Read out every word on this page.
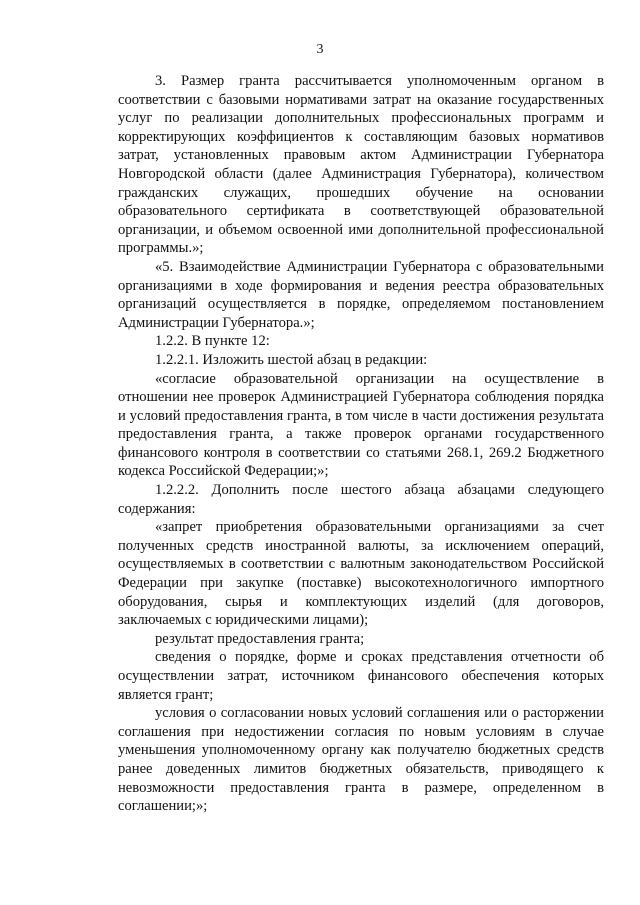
3

3. Размер гранта рассчитывается уполномоченным органом в соответствии с базовыми нормативами затрат на оказание государственных услуг по реализации дополнительных профессиональных программ и корректирующих коэффициентов к составляющим базовых нормативов затрат, установленных правовым актом Администрации Губернатора Новгородской области (далее Администрация Губернатора), количеством гражданских служащих, прошедших обучение на основании образовательного сертификата в соответствующей образовательной организации, и объемом освоенной ими дополнительной профессиональной программы.»;

«5. Взаимодействие Администрации Губернатора с образовательными организациями в ходе формирования и ведения реестра образовательных организаций осуществляется в порядке, определяемом постановлением Администрации Губернатора.»;

1.2.2. В пункте 12:

1.2.2.1. Изложить шестой абзац в редакции:

«согласие образовательной организации на осуществление в отношении нее проверок Администрацией Губернатора соблюдения порядка и условий предоставления гранта, в том числе в части достижения результата предоставления гранта, а также проверок органами государственного финансового контроля в соответствии со статьями 268.1, 269.2 Бюджетного кодекса Российской Федерации;»;

1.2.2.2. Дополнить после шестого абзаца абзацами следующего содержания:

«запрет приобретения образовательными организациями за счет полученных средств иностранной валюты, за исключением операций, осуществляемых в соответствии с валютным законодательством Российской Федерации при закупке (поставке) высокотехнологичного импортного оборудования, сырья и комплектующих изделий (для договоров, заключаемых с юридическими лицами);

результат предоставления гранта;

сведения о порядке, форме и сроках представления отчетности об осуществлении затрат, источником финансового обеспечения которых является грант;

условия о согласовании новых условий соглашения или о расторжении соглашения при недостижении согласия по новым условиям в случае уменьшения уполномоченному органу как получателю бюджетных средств ранее доведенных лимитов бюджетных обязательств, приводящего к невозможности предоставления гранта в размере, определенном в соглашении;»;
